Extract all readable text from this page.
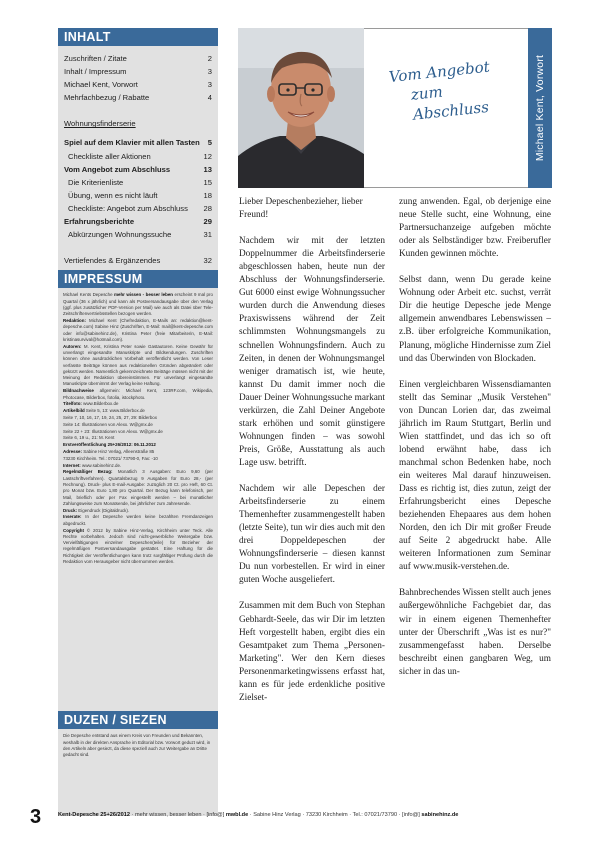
INHALT
Zuschriften / Zitate	2
Inhalt / Impressum	3
Michael Kent, Vorwort	3
Mehrfachbezug / Rabatte	4
Wohnungsfinderserie
Spiel auf dem Klavier mit allen Tasten 5
Checkliste aller Aktionen	12
Vom Angebot zum Abschluss	13
Die Kriterienliste	15
Übung, wenn es nicht läuft	18
Checkliste: Angebot zum Abschluss 28
Erfahrungsberichte	29
Abkürzungen Wohnungssuche	31
Vertiefendes & Ergänzendes	32
IMPRESSUM

Michael Kents Depesche mehr wissen - besser leben erscheint 9 mal pro Quartal (36 x jährlich) und kann als Postversandausgabe über den Verlag (ggf. plus zusätzlicher PDF-Version per Mail) wie auch als Datei über Tele-Zeitschriftenvertriebsstellen bezogen werden.

Redaktion: Michael Kent (Chefredaktion, E-Mails an: redaktion@kent-depesche.com) Sabine Hinz (Zuschriften, E-Mail: mail@kent-depesche.com oder info@sabinehinz.de), Kristina Peter (freie Mitarbeiterin, E-Mail: kristinasurvival@hotmail.com).

Autoren: M. Kent, Kristina Peter sowie Gastautoren. Keine Gewähr für unverlangt eingesandte Manuskripte und Bildsendungen. Zuschriften können ohne ausdrücklichen Vorbehalt veröffentlicht werden. Von Leser verfasste Beiträge können aus redaktionellen Gründen abgeändert oder gekürzt werden. Namentlich gekennzeichnete Beiträge müssen nicht mit der Meinung der Redaktion übereinstimmen. Für unverlangt eingesandte Manuskripte übernimmt der Verlag keine Haftung.

Bildnachweise allgemein: Michael Kent, 123RF.com, Wikipedia, Photocase, Bilderbox, fotolia, istockphoto.

Titelfoto: www.Bilderbox.de

Artikelbild Seite 5, 13: www.Bilderbox.de

Seite 7, 10, 16, 17, 19, 24, 25, 27, 29: Bilderbox

Seite 14: Illustrationen von Alexx. W@gmx.de

Seite 22 + 23: Illustrationen von Alexx. W@gmx.de

Seite 6, 19 u., 21: M. Kent

Erstveröffentlichung 25+26/2012: 06.11.2012

Adresse: Sabine Hinz Verlag, Alleenstraße 85

73230 Kirchheim. Tel.: 07021/ 73790-0, Fax: -10

Internet: www.sabinehinz.de.

Regelmäßiger Bezug: Monatlich 3 Ausgaben: Euro 9,60 (per Lastschriftverfahren). Quartalsbezug 9 Ausgaben für Euro 28,- (per Rechnung). Druck- plus E-mail-Ausgabe: zuzüglich 20 Ct. pro Heft, 60 Ct. pro Monat bzw. Euro 1,80 pro Quartal. Der Bezug kann telefonisch, per Mail, brieflich oder per Fax eingestellt werden – bei monatlicher Zahlungsweise zum Monatsende, bei jährlicher zum Jahresende.

Druck: Eigendruck (Digitaldruck).

Inserate: In der Depesche werden keine bezahlten Fremdanzeigen abgedruckt.

Copyright © 2012 by Sabine Hinz-Verlag, Kirchheim unter Teck. Alle Rechte vorbehalten. Jedoch sind nicht-gewerbliche Weitergabe bzw. Vervielfältigungen einzelner Depeschen(teile) für Bezieher der regelmäßigen Postversandausgabe gestattet. Eine Haftung für die Richtigkeit der Veröffentlichungen kann trotz sorgfältiger Prüfung durch die Redaktion vom Herausgeber nicht übernommen werden.

DUZEN / SIEZEN
Die Depesche entstand aus einem Kreis von Freunden und Bekannten, weshalb in der direkten Ansprache im Editorial bzw. Vorwort geduzt wird, in den Artikeln aber gesiezt, da diese speziell auch zur Weitergabe an Dritte gedacht sind.
Vom Angebot
zum Abschluss	Michael Kent, Vorwort

Lieber Depeschenbezieher, lieber Freund!

Nachdem wir mit der letzten Doppelnummer die Arbeitsfinderserie abgeschlossen haben, heute nun der Abschluss der Wohnungsfinderserie. Gut 6000 einst ewige Wohnungssucher wurden durch die Anwendung dieses Praxiswissens während der Zeit schlimmsten Wohnungsmangels zu schnellen Wohnungsfindern. Auch zu Zeiten, in denen der Wohnungsmangel weniger dramatisch ist, wie heute, kannst Du damit immer noch die Dauer Deiner Wohnungssuche markant verkürzen, die Zahl Deiner Angebote stark erhöhen und somit günstigere Wohnungen finden – was sowohl Preis, Größe, Ausstattung als auch Lage usw. betrifft.

Nachdem wir alle Depeschen der Arbeitsfinderserie zu einem Themenhefter zusammengestellt haben (letzte Seite), tun wir dies auch mit den drei Doppeldepeschen der Wohnungsfinderserie – diesen kannst Du nun vorbestellen. Er wird in einer guten Woche ausgeliefert.

Zusammen mit dem Buch von Stephan Gebhardt-Seele, das wir Dir im letzten Heft vorgestellt haben, ergibt dies ein Gesamtpaket zum Thema „Personen-Marketing". Wer den Kern dieses Personenmarketingwissens erfasst hat, kann es für jede erdenkliche positive Zielset-

zung anwenden. Egal, ob derjenige eine neue Stelle sucht, eine Wohnung, eine Partnersuchanzeige aufgeben möchte oder als Selbständiger bzw. Freiberufler Kunden gewinnen möchte.

Selbst dann, wenn Du gerade keine Wohnung oder Arbeit etc. suchst, verrät Dir die heutige Depesche jede Menge allgemein anwendbares Lebenswissen – z.B. über erfolgreiche Kommunikation, Planung, mögliche Hindernisse zum Ziel und das Überwinden von Blockaden.

Einen vergleichbaren Wissensdiamanten stellt das Seminar „Musik Verstehen" von Duncan Lorien dar, das zweimal jährlich im Raum Stuttgart, Berlin und Wien stattfindet, und das ich so oft lobend erwähnt habe, dass ich manchmal schon Bedenken habe, noch ein weiteres Mal darauf hinzuweisen. Dass es richtig ist, dies zutun, zeigt der Erfahrungsbericht eines Depesche beziehenden Ehepaares aus dem hohen Norden, den ich Dir mit großer Freude auf Seite 2 abgedruckt habe. Alle weiteren Informationen zum Seminar auf www.musik-verstehen.de.

Bahnbrechendes Wissen stellt auch jenes außergewöhnliche Fachgebiet dar, das wir in einem eigenen Themenhefter unter der Überschrift „Was ist es nur?" zusammengefasst haben. Derselbe beschreibt einen gangbaren Weg, um sicher in das un-

3	Kent-Depesche 25+26/2012 · mehr wissen, besser leben · [info@] mwbl.de · Sabine Hinz Verlag · 73230 Kirchheim · Tel.: 07021/73790 · [info@] sabinehinz.de
